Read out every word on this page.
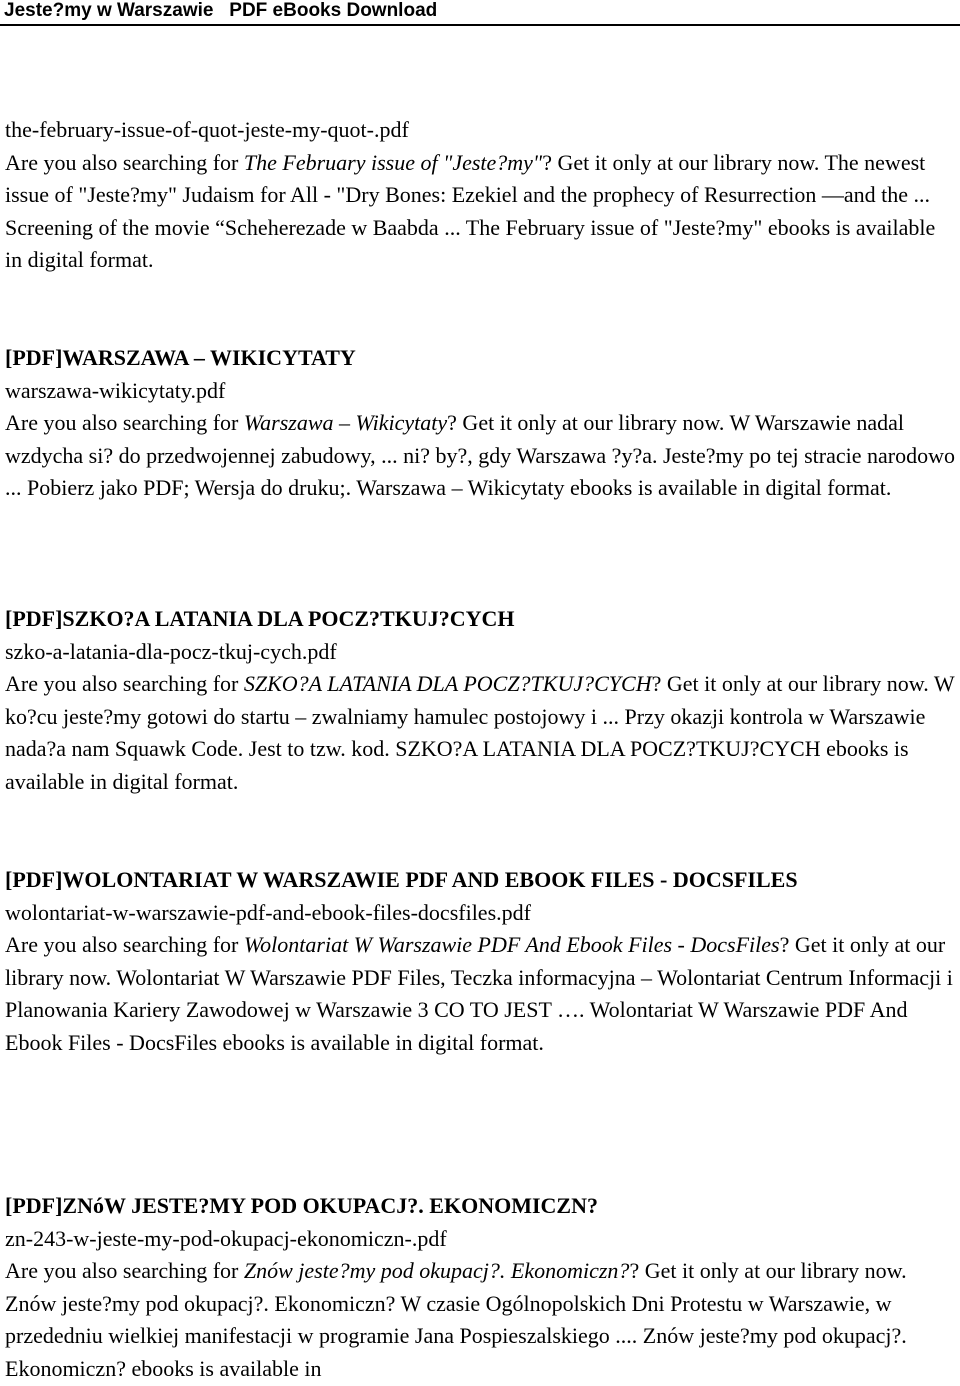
Jeste?my w Warszawie   PDF eBooks Download

the-february-issue-of-quot-jeste-my-quot-.pdf

Are you also searching for The February issue of "Jeste?my"? Get it only at our library now. The newest issue of "Jeste?my" Judaism for All - "Dry Bones: Ezekiel and the prophecy of Resurrection —and the ... Screening of the movie “Scheherezade w Baabda ... The February issue of "Jeste?my" ebooks is available in digital format.

[PDF]WARSZAWA – WIKICYTATY

warszawa-wikicytaty.pdf

Are you also searching for Warszawa – Wikicytaty? Get it only at our library now. W Warszawie nadal wzdycha si? do przedwojennej zabudowy, ... ni? by?, gdy Warszawa ?y?a. Jeste?my po tej stracie narodowo ... Pobierz jako PDF; Wersja do druku;. Warszawa – Wikicytaty ebooks is available in digital format.

[PDF]SZKO?A LATANIA DLA POCZ?TKUJ?CYCH

szko-a-latania-dla-pocz-tkuj-cych.pdf

Are you also searching for SZKO?A LATANIA DLA POCZ?TKUJ?CYCH? Get it only at our library now. W ko?cu jeste?my gotowi do startu – zwalniamy hamulec postojowy i ... Przy okazji kontrola w Warszawie nada?a nam Squawk Code. Jest to tzw. kod. SZKO?A LATANIA DLA POCZ?TKUJ?CYCH ebooks is available in digital format.

[PDF]WOLONTARIAT W WARSZAWIE PDF AND EBOOK FILES - DOCSFILES

wolontariat-w-warszawie-pdf-and-ebook-files-docsfiles.pdf

Are you also searching for Wolontariat W Warszawie PDF And Ebook Files - DocsFiles? Get it only at our library now. Wolontariat W Warszawie PDF Files, Teczka informacyjna – Wolontariat Centrum Informacji i Planowania Kariery Zawodowej w Warszawie 3 CO TO JEST …. Wolontariat W Warszawie PDF And Ebook Files - DocsFiles ebooks is available in digital format.

[PDF]ZNóW JESTE?MY POD OKUPACJ?. EKONOMICZN?

zn-243-w-jeste-my-pod-okupacj-ekonomiczn-.pdf

Are you also searching for Znów jeste?my pod okupacj?. Ekonomiczn?? Get it only at our library now. Znów jeste?my pod okupacj?. Ekonomiczn? W czasie Ogólnopolskich Dni Protestu w Warszawie, w przededniu wielkiej manifestacji w programie Jana Pospieszalskiego .... Znów jeste?my pod okupacj?. Ekonomiczn? ebooks is available in
